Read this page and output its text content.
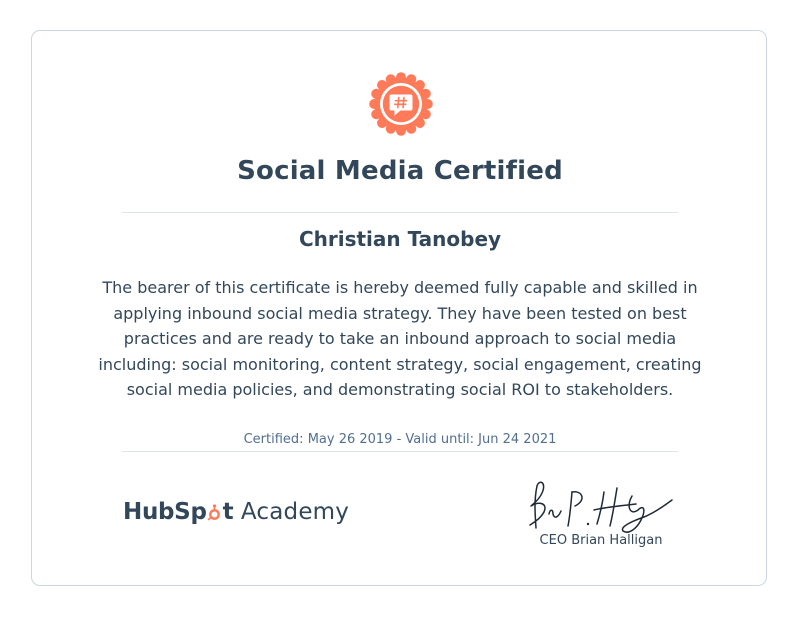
Social Media Certified
Christian Tanobey
The bearer of this certificate is hereby deemed fully capable and skilled in applying inbound social media strategy. They have been tested on best practices and are ready to take an inbound approach to social media including: social monitoring, content strategy, social engagement, creating social media policies, and demonstrating social ROI to stakeholders.
Certified: May 26 2019 - Valid until: Jun 24 2021
HubSp t Academy
CEO Brian Halligan
